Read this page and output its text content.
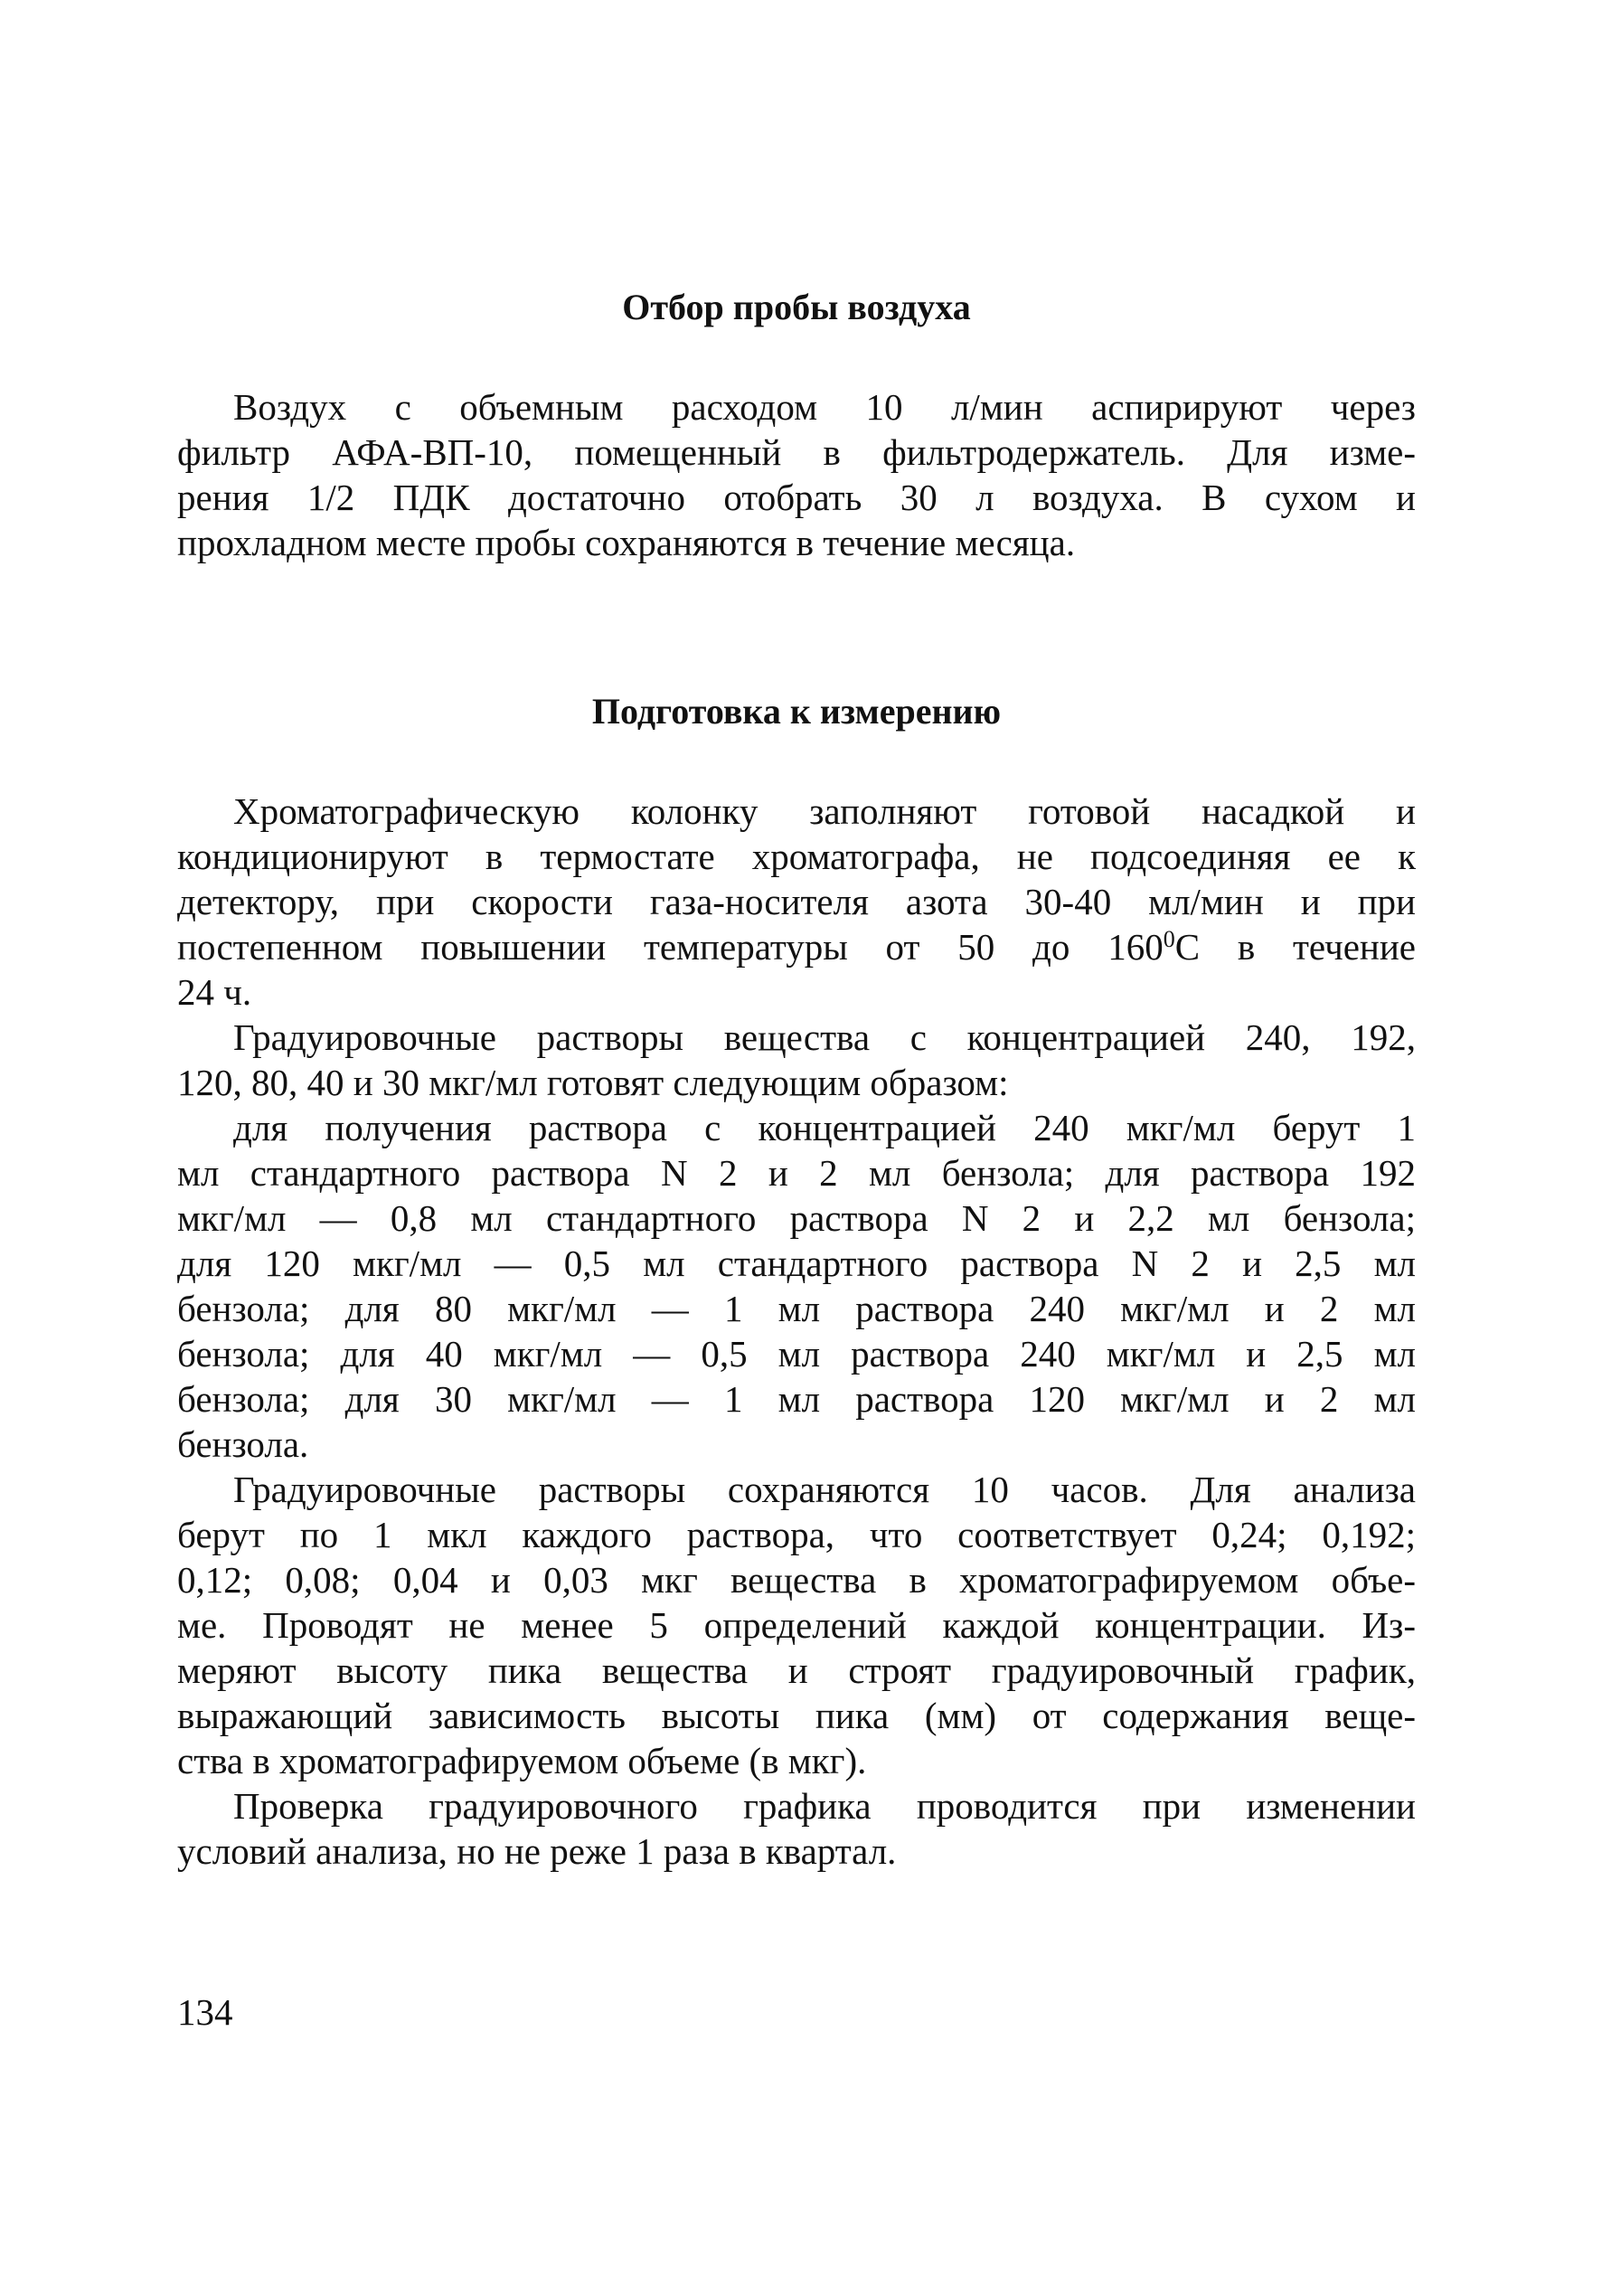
Отбор пробы воздуха

Воздух с объемным расходом 10 л/мин аспирируют через
фильтр АФА-ВП-10, помещенный в фильтродержатель. Для изме-
рения 1/2 ПДК достаточно отобрать 30 л воздуха. В сухом и
прохладном месте пробы сохраняются в течение месяца.

Подготовка к измерению

Хроматографическую колонку заполняют готовой насадкой и
кондиционируют в термостате хроматографа, не подсоединяя ее к
детектору, при скорости газа-носителя азота 30-40 мл/мин и при
постепенном повышении температуры от 50 до $160^0С$ в течение
24 ч.

Градуировочные растворы вещества с концентрацией 240, 192,
120, 80, 40 и 30 мкг/мл готовят следующим образом:

для получения раствора с концентрацией 240 мкг/мл берут 1
мл стандартного раствора N 2 и 2 мл бензола; для раствора 192
мкг/мл — 0,8 мл стандартного раствора N 2 и 2,2 мл бензола;
для 120 мкг/мл — 0,5 мл стандартного раствора N 2 и 2,5 мл
бензола; для 80 мкг/мл — 1 мл раствора 240 мкг/мл и 2 мл
бензола; для 40 мкг/мл — 0,5 мл раствора 240 мкг/мл и 2,5 мл
бензола; для 30 мкг/мл — 1 мл раствора 120 мкг/мл и 2 мл
бензола.

Градуировочные растворы сохраняются 10 часов. Для анализа
берут по 1 мкл каждого раствора, что соответствует 0,24; 0,192;
0,12; 0,08; 0,04 и 0,03 мкг вещества в хроматографируемом объе-
ме. Проводят не менее 5 определений каждой концентрации. Из-
меряют высоту пика вещества и строят градуировочный график,
выражающий зависимость высоты пика (мм) от содержания веще-
ства в хроматографируемом объеме (в мкг).

Проверка градуировочного графика проводится при изменении
условий анализа, но не реже 1 раза в квартал.

134
